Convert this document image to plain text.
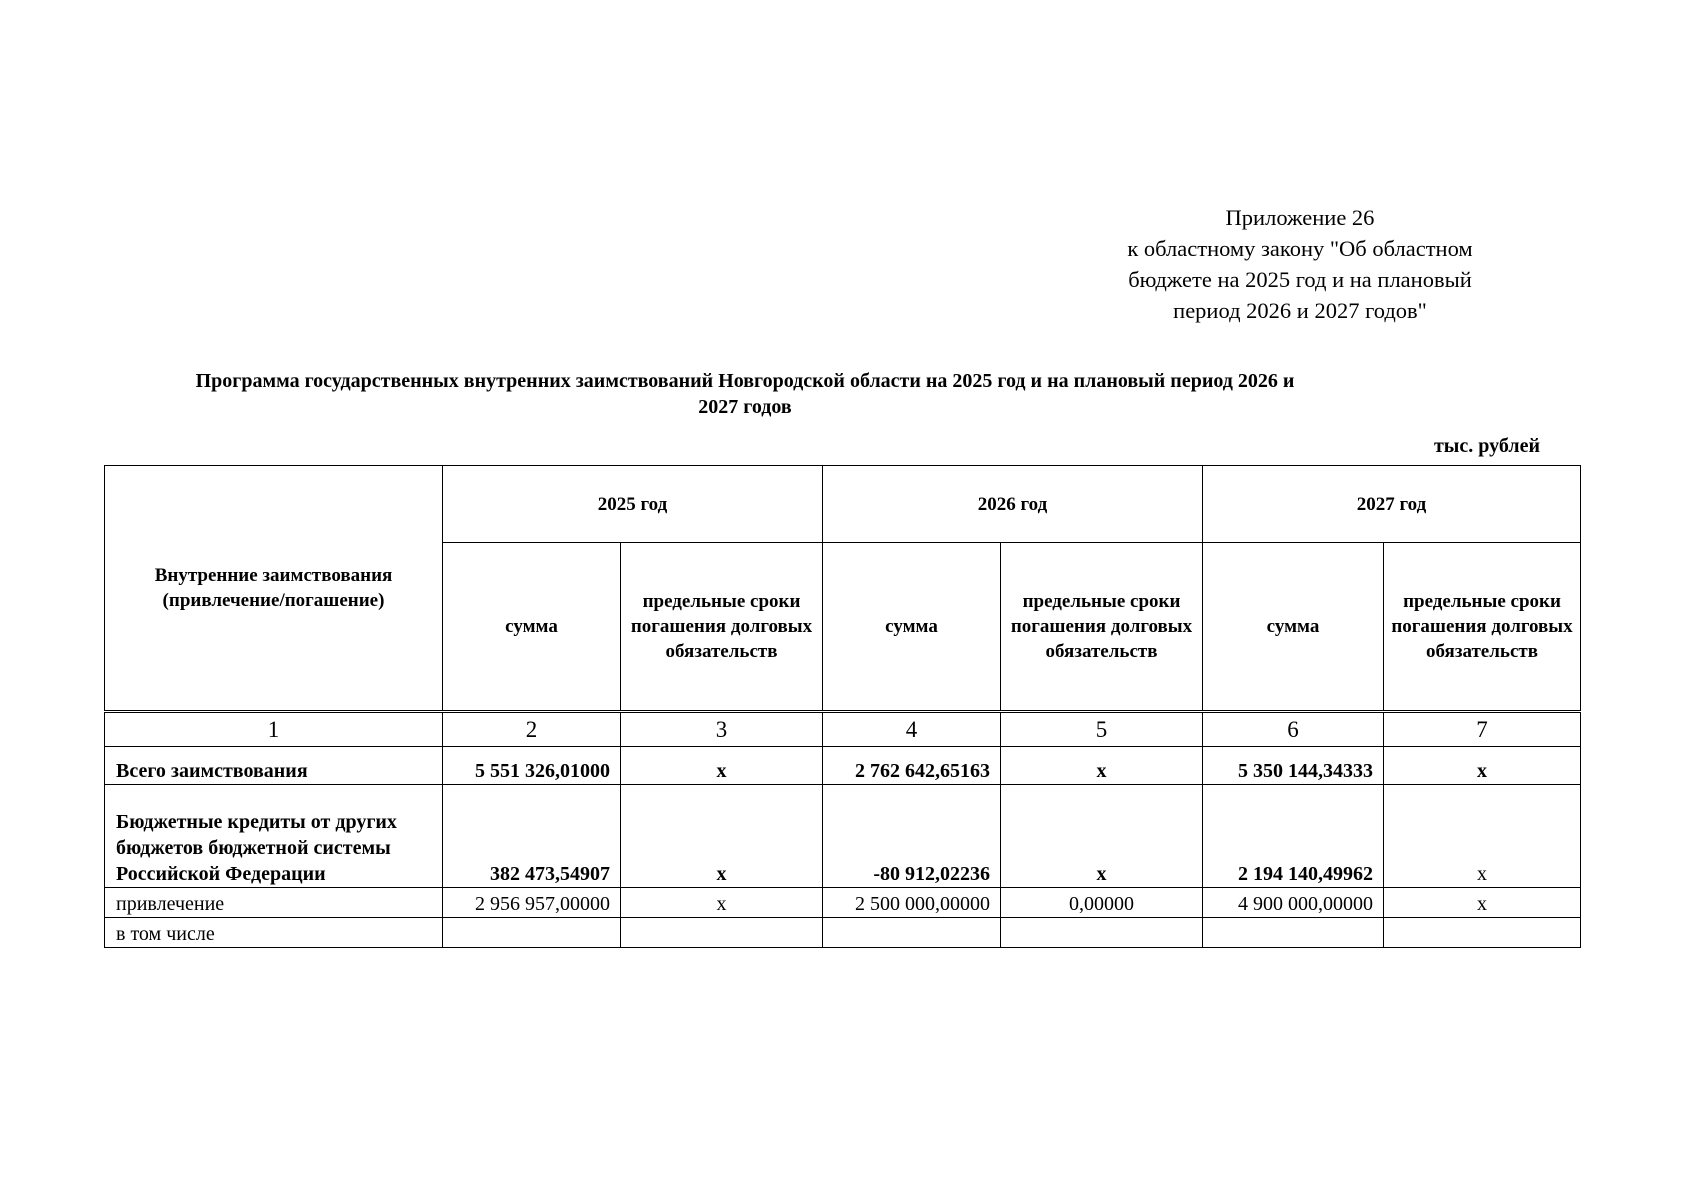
Приложение 26
к областному закону "Об областном
бюджете на 2025 год и на плановый
период 2026 и 2027 годов"
Программа государственных внутренних заимствований Новгородской области на 2025 год и на плановый период 2026 и
2027 годов
тыс. рублей
Внутренние заимствования (привлечение/погашение)	2025 год		2026 год		2027 год	
	сумма	предельные сроки погашения долговых обязательств	сумма	предельные сроки погашения долговых обязательств	сумма	предельные сроки погашения долговых обязательств
1	2	3	4	5	6	7
Всего заимствования	5 551 326,01000	х	2 762 642,65163	х	5 350 144,34333	х
Бюджетные кредиты от других бюджетов бюджетной системы Российской Федерации	382 473,54907	х	-80 912,02236	х	2 194 140,49962	х
привлечение	2 956 957,00000	х	2 500 000,00000	0,00000	4 900 000,00000	х
в том числе						
